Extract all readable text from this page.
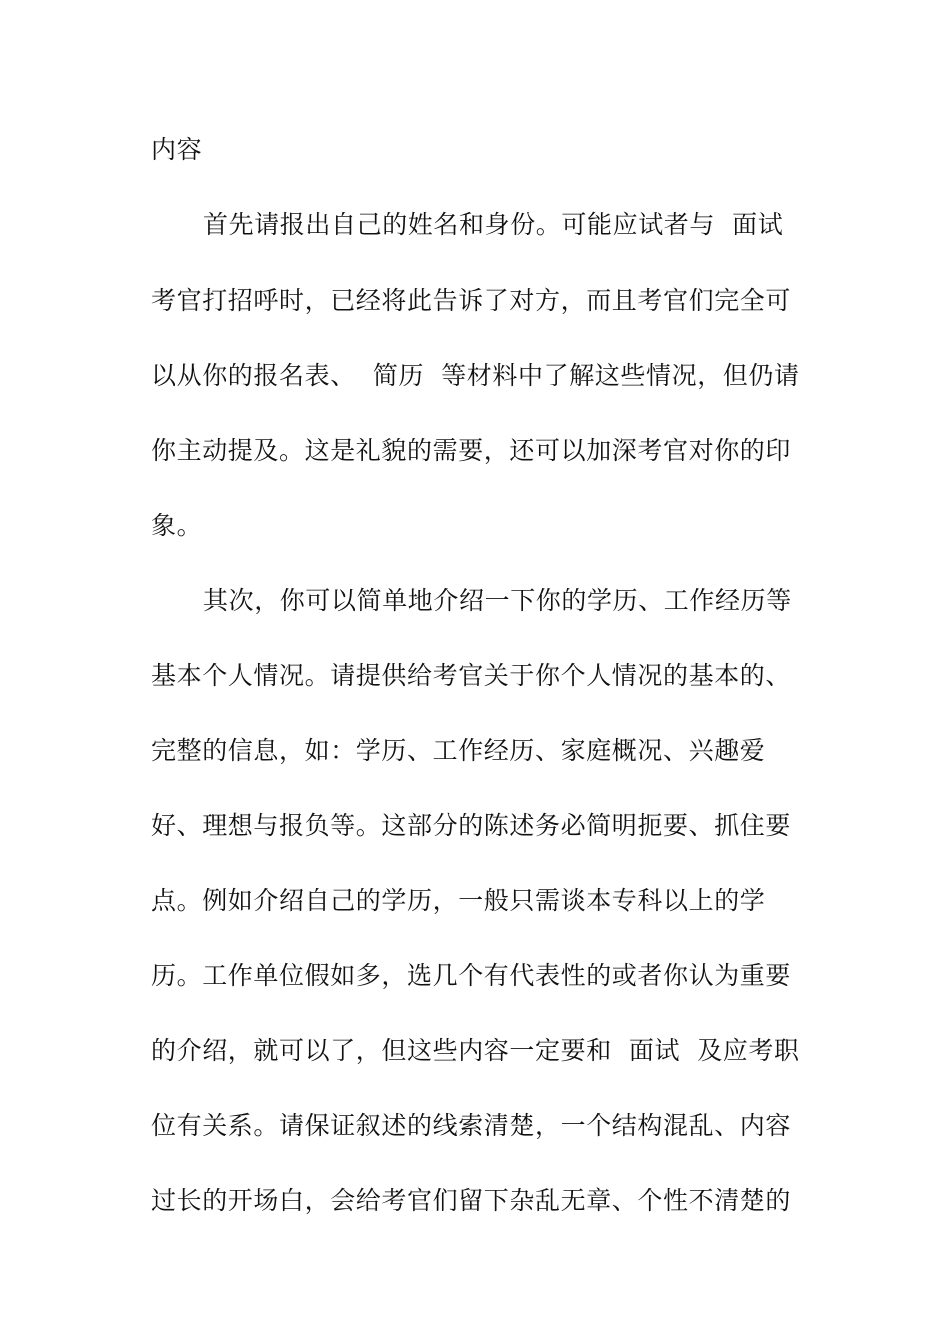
内容
首先请报出自己的姓名和身份。可能应试者与  面试
考官打招呼时，已经将此告诉了对方，而且考官们完全可
以从你的报名表、  简历  等材料中了解这些情况，但仍请
你主动提及。这是礼貌的需要，还可以加深考官对你的印
象。
其次，你可以简单地介绍一下你的学历、工作经历等
基本个人情况。请提供给考官关于你个人情况的基本的、
完整的信息，如：学历、工作经历、家庭概况、兴趣爱
好、理想与报负等。这部分的陈述务必简明扼要、抓住要
点。例如介绍自己的学历，一般只需谈本专科以上的学
历。工作单位假如多，选几个有代表性的或者你认为重要
的介绍，就可以了，但这些内容一定要和  面试  及应考职
位有关系。请保证叙述的线索清楚，一个结构混乱、内容
过长的开场白，会给考官们留下杂乱无章、个性不清楚的
